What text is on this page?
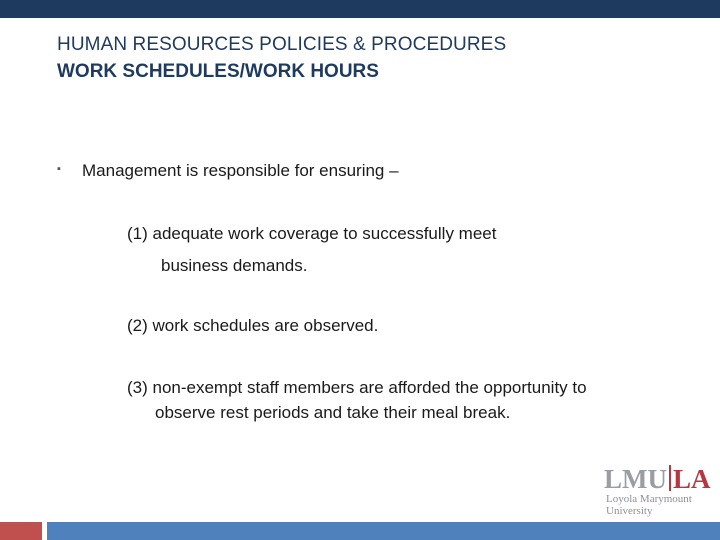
HUMAN RESOURCES POLICIES & PROCEDURES
WORK SCHEDULES/WORK HOURS
▪ Management is responsible for ensuring –
(1) adequate work coverage to successfully meet
business demands.
(2) work schedules are observed.
(3) non-exempt staff members are afforded the opportunity to
observe rest periods and take their meal break.
LMU LA
Loyola Marymount
University
